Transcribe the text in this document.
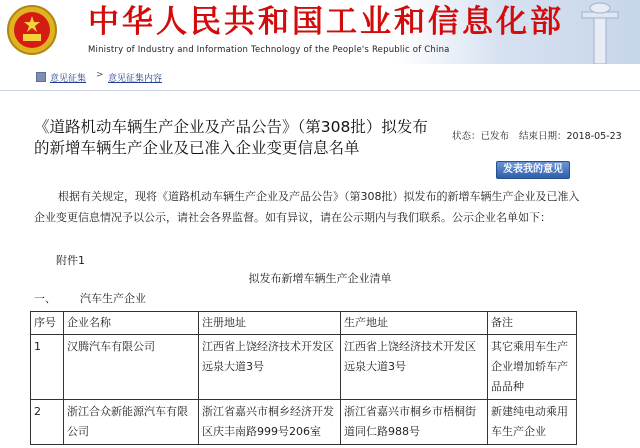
中华人民共和国工业和信息化部
Ministry of Industry and Information Technology of the People's Republic of China
意见征集 > 意见征集内容
《道路机动车辆生产企业及产品公告》（第308批）拟发布的新增车辆生产企业及已准入企业变更信息名单
状态：已发布 结束日期：2018-05-23
发表我的意见
根据有关规定，现将《道路机动车辆生产企业及产品公告》（第308批）拟发布的新增车辆生产企业及已准入
企业变更信息情况予以公示，请社会各界监督。如有异议，请在公示期内与我们联系。公示企业名单如下：
附件1
拟发布新增车辆生产企业清单
一、 汽车生产企业
序号	企业名称	注册地址	生产地址	备注
1	汉腾汽车有限公司	江西省上饶经济技术开发区远泉大道3号	江西省上饶经济技术开发区远泉大道3号	其它乘用车生产企业增加轿车产品品种
2	浙江合众新能源汽车有限公司	浙江省嘉兴市桐乡经济开发区庆丰南路999号206室	浙江省嘉兴市桐乡市梧桐街道同仁路988号	新建纯电动乘用车生产企业
